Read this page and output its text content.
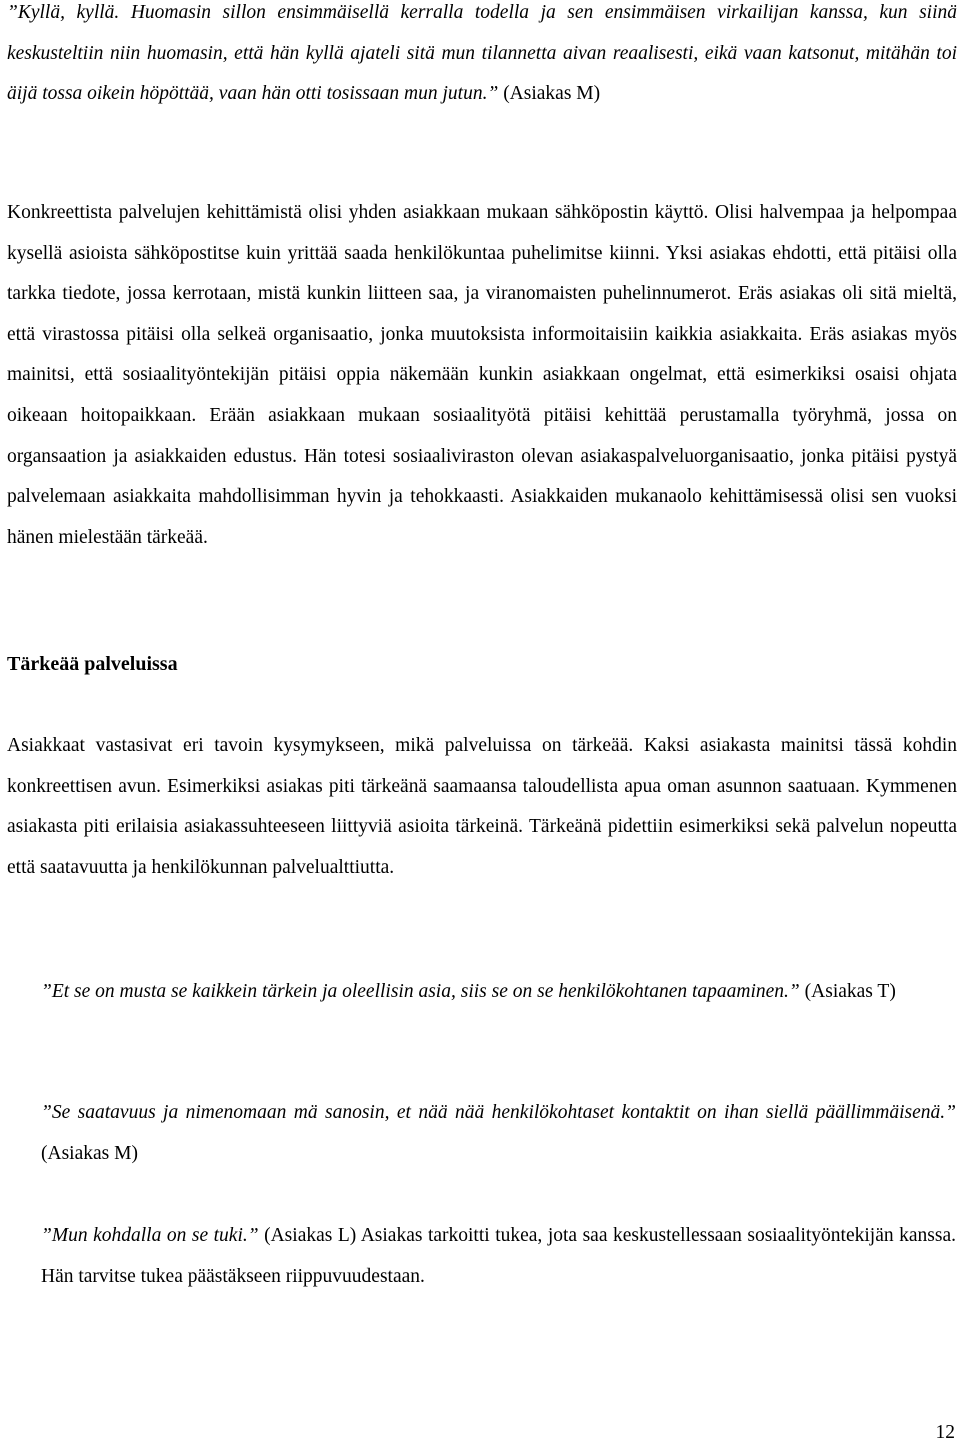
”Kyllä, kyllä. Huomasin sillon ensimmäisellä kerralla todella ja sen ensimmäisen virkailijan kanssa, kun siinä keskusteltiin niin huomasin, että hän kyllä ajateli sitä mun tilannetta aivan reaalisesti, eikä vaan katsonut, mitähän toi äijä tossa oikein höpöttää, vaan hän otti tosissaan mun jutun.” (Asiakas M)

Konkreettista palvelujen kehittämistä olisi yhden asiakkaan mukaan sähköpostin käyttö. Olisi halvempaa ja helpompaa kysellä asioista sähköpostitse kuin yrittää saada henkilökuntaa puhelimitse kiinni. Yksi asiakas ehdotti, että pitäisi olla tarkka tiedote, jossa kerrotaan, mistä kunkin liitteen saa, ja viranomaisten puhelinnumerot. Eräs asiakas oli sitä mieltä, että virastossa pitäisi olla selkeä organisaatio, jonka muutoksista informoitaisiin kaikkia asiakkaita. Eräs asiakas myös mainitsi, että sosiaalityöntekijän pitäisi oppia näkemään kunkin asiakkaan ongelmat, että esimerkiksi osaisi ohjata oikeaan hoitopaikkaan. Erään asiakkaan mukaan sosiaalityötä pitäisi kehittää perustamalla työryhmä, jossa on organsaation ja asiakkaiden edustus. Hän totesi sosiaaliviraston olevan asiakaspalveluorganisaatio, jonka pitäisi pystyä palvelemaan asiakkaita mahdollisimman hyvin ja tehokkaasti. Asiakkaiden mukanaolo kehittämisessä olisi sen vuoksi hänen mielestään tärkeää.

Tärkeää palveluissa

Asiakkaat vastasivat eri tavoin kysymykseen, mikä palveluissa on tärkeää. Kaksi asiakasta mainitsi tässä kohdin konkreettisen avun. Esimerkiksi asiakas piti tärkeänä saamaansa taloudellista apua oman asunnon saatuaan. Kymmenen asiakasta piti erilaisia asiakassuhteeseen liittyviä asioita tärkeinä. Tärkeänä pidettiin esimerkiksi sekä palvelun nopeutta että saatavuutta ja henkilökunnan palvelualttiutta.

”Et se on musta se kaikkein tärkein ja oleellisin asia, siis se on se henkilökohtanen tapaaminen.” (Asiakas T)

”Se saatavuus ja nimenomaan mä sanosin, et nää nää henkilökohtaset kontaktit on ihan siellä päällimmäisenä.” (Asiakas M)

”Mun kohdalla on se tuki.” (Asiakas L) Asiakas tarkoitti tukea, jota saa keskustellessaan sosiaalityöntekijän kanssa. Hän tarvitse tukea päästäkseen riippuvuudestaan.

12
